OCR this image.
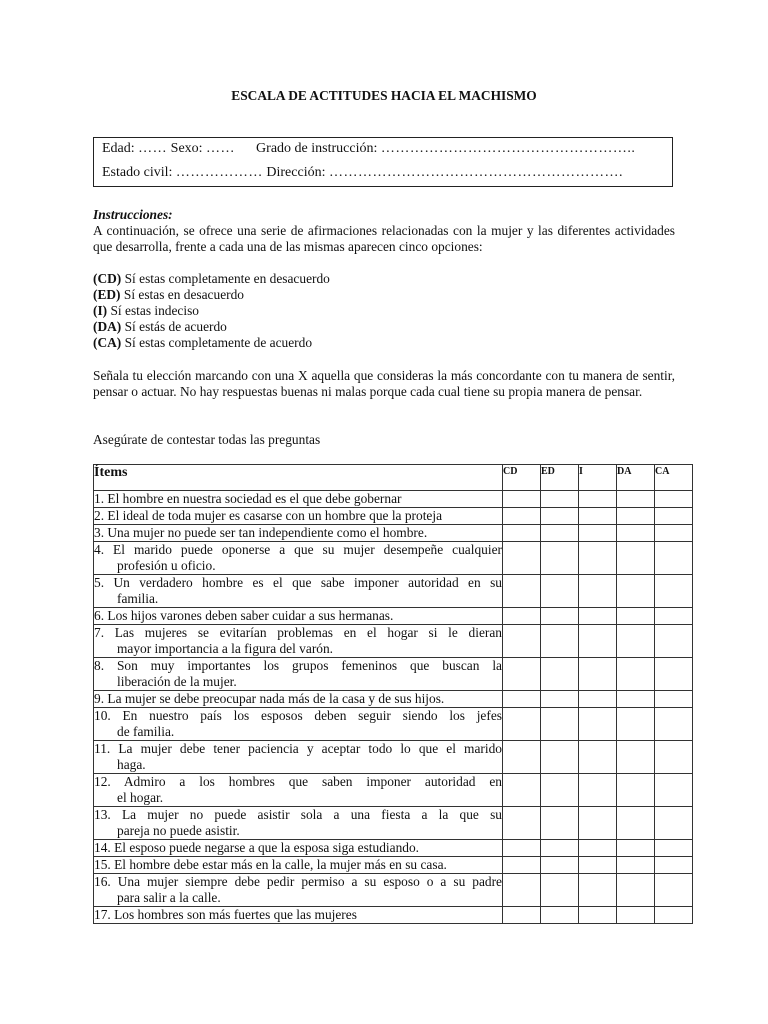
ESCALA DE ACTITUDES HACIA EL MACHISMO
Edad: …… Sexo: …… Grado de instrucción: ……………………………………………..
Estado civil: ……………… Dirección: …………………………………………………….
Instrucciones:
A continuación, se ofrece una serie de afirmaciones relacionadas con la mujer y las diferentes actividades que desarrolla, frente a cada una de las mismas aparecen cinco opciones:
(CD) Sí estas completamente en desacuerdo
(ED) Sí estas en desacuerdo
(I) Sí estas indeciso
(DA) Sí estás de acuerdo
(CA) Sí estas completamente de acuerdo
Señala tu elección marcando con una X aquella que consideras la más concordante con tu manera de sentir, pensar o actuar. No hay respuestas buenas ni malas porque cada cual tiene su propia manera de pensar.
Asegúrate de contestar todas las preguntas
Ítems	CD	ED	I	DA	CA

1. El hombre en nuestra sociedad es el que debe gobernar					

2. El ideal de toda mujer es casarse con un hombre que la proteja					

3. Una mujer no puede ser tan independiente como el hombre.					

4. El marido puede oponerse a que su mujer desempeñe cualquier
profesión u oficio.					

5. Un verdadero hombre es el que sabe imponer autoridad en su
familia.					

6. Los hijos varones deben saber cuidar a sus hermanas.					

7. Las mujeres se evitarían problemas en el hogar si le dieran
mayor importancia a la figura del varón.					

8. Son muy importantes los grupos femeninos que buscan la
liberación de la mujer.					

9. La mujer se debe preocupar nada más de la casa y de sus hijos.					

10. En nuestro país los esposos deben seguir siendo los jefes
de familia.					

11. La mujer debe tener paciencia y aceptar todo lo que el marido
haga.					

12. Admiro a los hombres que saben imponer autoridad en
el hogar.					

13. La mujer no puede asistir sola a una fiesta a la que su
pareja no puede asistir.					

14. El esposo puede negarse a que la esposa siga estudiando.					

15. El hombre debe estar más en la calle, la mujer más en su casa.					

16. Una mujer siempre debe pedir permiso a su esposo o a su padre
para salir a la calle.					

17. Los hombres son más fuertes que las mujeres					
